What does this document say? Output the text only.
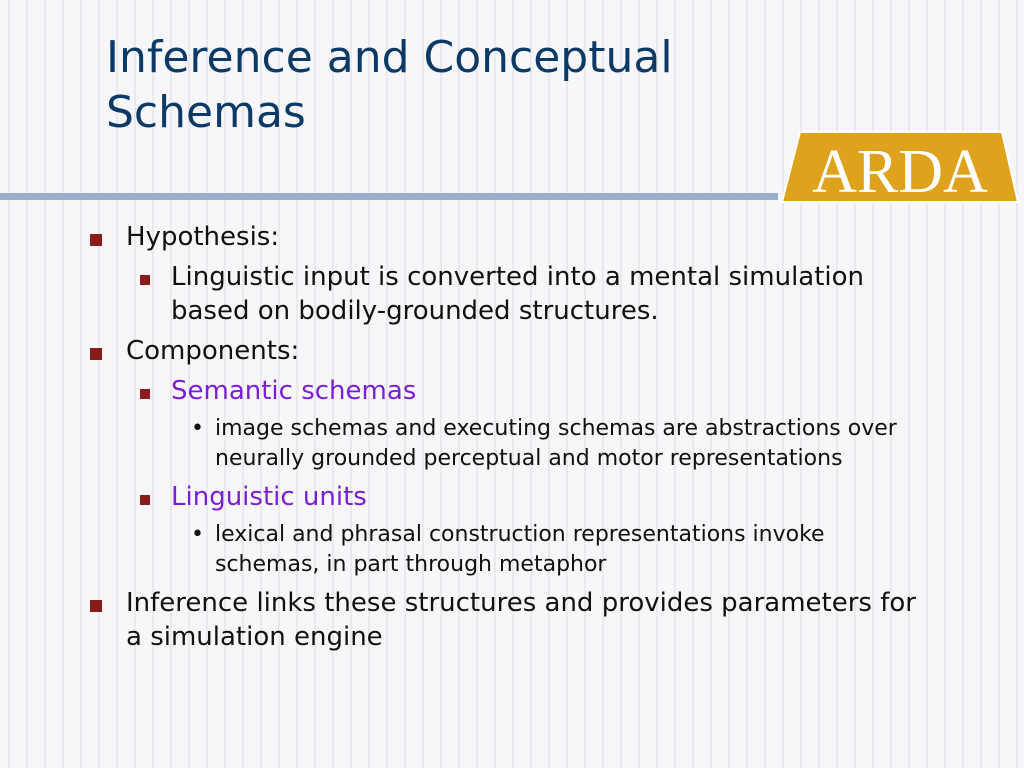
Inference and Conceptual
Schemas
ARDA
Hypothesis:
Linguistic input is converted into a mental simulation
based on bodily-grounded structures.
Components:
Semantic schemas
• image schemas and executing schemas are abstractions over
neurally grounded perceptual and motor representations
Linguistic units
• lexical and phrasal construction representations invoke
schemas, in part through metaphor
Inference links these structures and provides parameters for
a simulation engine
